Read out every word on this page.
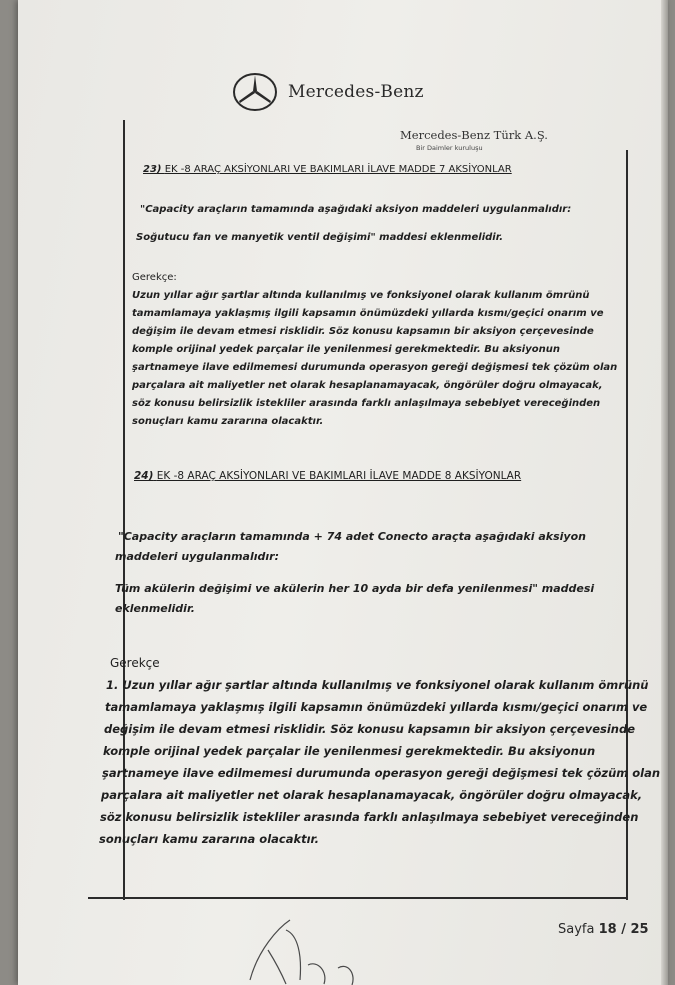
Mercedes-Benz
Mercedes-Benz Türk A.Ş.
Bir Daimler kuruluşu
23) EK -8 ARAÇ AKSİYONLARI VE BAKIMLARI İLAVE MADDE 7 AKSİYONLAR
"Capacity araçların tamamında aşağıdaki aksiyon maddeleri uygulanmalıdır:
Soğutucu fan ve manyetik ventil değişimi" maddesi eklenmelidir.
Gerekçe:
Uzun yıllar ağır şartlar altında kullanılmış ve fonksiyonel olarak kullanım ömrünü
tamamlamaya yaklaşmış ilgili kapsamın önümüzdeki yıllarda kısmı/geçici onarım ve
değişim ile devam etmesi risklidir. Söz konusu kapsamın bir aksiyon çerçevesinde
komple orijinal yedek parçalar ile yenilenmesi gerekmektedir. Bu aksiyonun
şartnameye ilave edilmemesi durumunda operasyon gereği değişmesi tek çözüm olan
parçalara ait maliyetler net olarak hesaplanamayacak, öngörüler doğru olmayacak,
söz konusu belirsizlik istekliler arasında farklı anlaşılmaya sebebiyet vereceğinden
sonuçları kamu zararına olacaktır.
24) EK -8 ARAÇ AKSİYONLARI VE BAKIMLARI İLAVE MADDE 8 AKSİYONLAR
"Capacity araçların tamamında + 74 adet Conecto araçta aşağıdaki aksiyon
maddeleri uygulanmalıdır:
Tüm akülerin değişimi ve akülerin her 10 ayda bir defa yenilenmesi" maddesi
eklenmelidir.
Gerekçe
1. Uzun yıllar ağır şartlar altında kullanılmış ve fonksiyonel olarak kullanım ömrünü
tamamlamaya yaklaşmış ilgili kapsamın önümüzdeki yıllarda kısmı/geçici onarım ve
değişim ile devam etmesi risklidir. Söz konusu kapsamın bir aksiyon çerçevesinde
komple orijinal yedek parçalar ile yenilenmesi gerekmektedir. Bu aksiyonun
şartnameye ilave edilmemesi durumunda operasyon gereği değişmesi tek çözüm olan
parçalara ait maliyetler net olarak hesaplanamayacak, öngörüler doğru olmayacak,
söz konusu belirsizlik istekliler arasında farklı anlaşılmaya sebebiyet vereceğinden
sonuçları kamu zararına olacaktır.
Sayfa 18 / 25
